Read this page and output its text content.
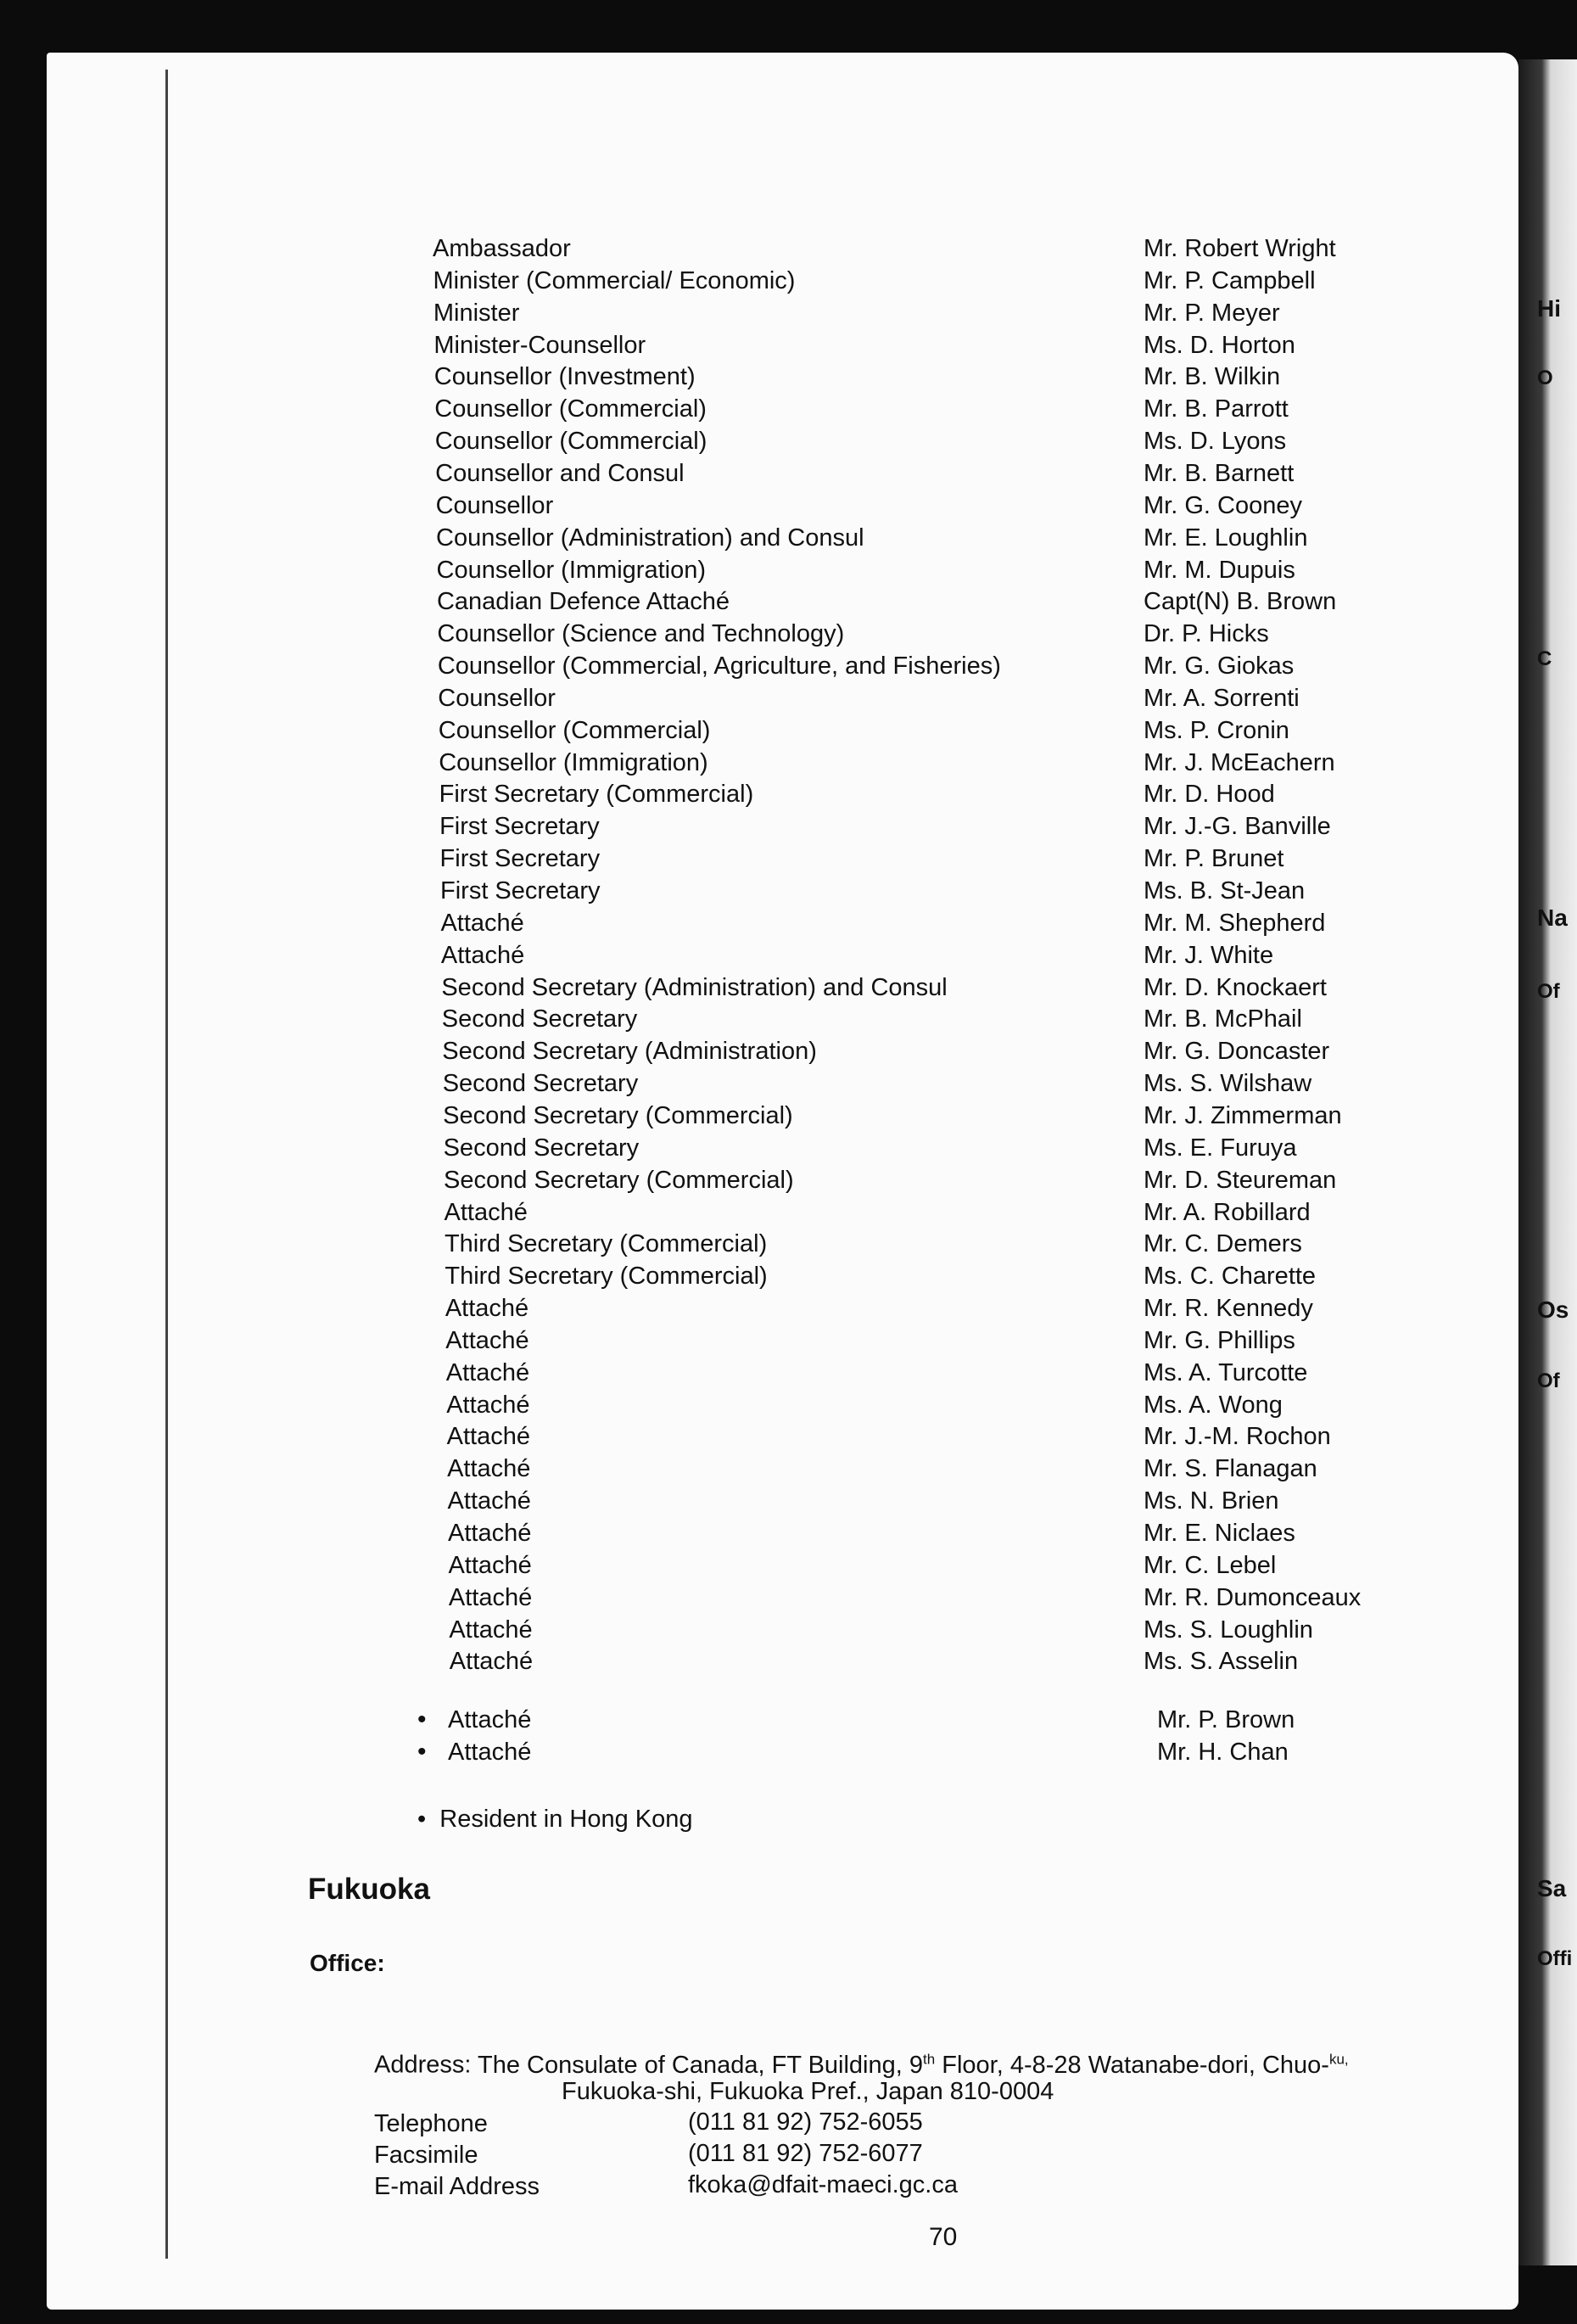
Hi
O
C
Na
Of
Os
Of
Sa
Offi
Ambassador	Mr. Robert Wright
Minister (Commercial/ Economic)	Mr. P. Campbell
Minister	Mr. P. Meyer
Minister-Counsellor	Ms. D. Horton
Counsellor (Investment)	Mr. B. Wilkin
Counsellor (Commercial)	Mr. B. Parrott
Counsellor (Commercial)	Ms. D. Lyons
Counsellor and Consul	Mr. B. Barnett
Counsellor	Mr. G. Cooney
Counsellor (Administration) and Consul	Mr. E. Loughlin
Counsellor (Immigration)	Mr. M. Dupuis
Canadian Defence Attaché	Capt(N) B. Brown
Counsellor (Science and Technology)	Dr. P. Hicks
Counsellor (Commercial, Agriculture, and Fisheries)	Mr. G. Giokas
Counsellor	Mr. A. Sorrenti
Counsellor (Commercial)	Ms. P. Cronin
Counsellor (Immigration)	Mr. J. McEachern
First Secretary (Commercial)	Mr. D. Hood
First Secretary	Mr. J.-G. Banville
First Secretary	Mr. P. Brunet
First Secretary	Ms. B. St-Jean
Attaché	Mr. M. Shepherd
Attaché	Mr. J. White
Second Secretary (Administration) and Consul	Mr. D. Knockaert
Second Secretary	Mr. B. McPhail
Second Secretary (Administration)	Mr. G. Doncaster
Second Secretary	Ms. S. Wilshaw
Second Secretary (Commercial)	Mr. J. Zimmerman
Second Secretary	Ms. E. Furuya
Second Secretary (Commercial)	Mr. D. Steureman
Attaché	Mr. A. Robillard
Third Secretary (Commercial)	Mr. C. Demers
Third Secretary (Commercial)	Ms. C. Charette
Attaché	Mr. R. Kennedy
Attaché	Mr. G. Phillips
Attaché	Ms. A. Turcotte
Attaché	Ms. A. Wong
Attaché	Mr. J.-M. Rochon
Attaché	Mr. S. Flanagan
Attaché	Ms. N. Brien
Attaché	Mr. E. Niclaes
Attaché	Mr. C. Lebel
Attaché	Mr. R. Dumonceaux
Attaché	Ms. S. Loughlin
Attaché	Ms. S. Asselin
• Attaché	Mr. P. Brown
• Attaché	Mr. H. Chan
• Resident in Hong Kong
Fukuoka
Office:
Address: The Consulate of Canada, FT Building, 9th Floor, 4-8-28 Watanabe-dori, Chuo-$^{ku,}$
Fukuoka-shi, Fukuoka Pref., Japan 810-0004
Telephone	(011 81 92) 752-6055
Facsimile	(011 81 92) 752-6077
E-mail Address	fkoka@dfait-maeci.gc.ca
70
